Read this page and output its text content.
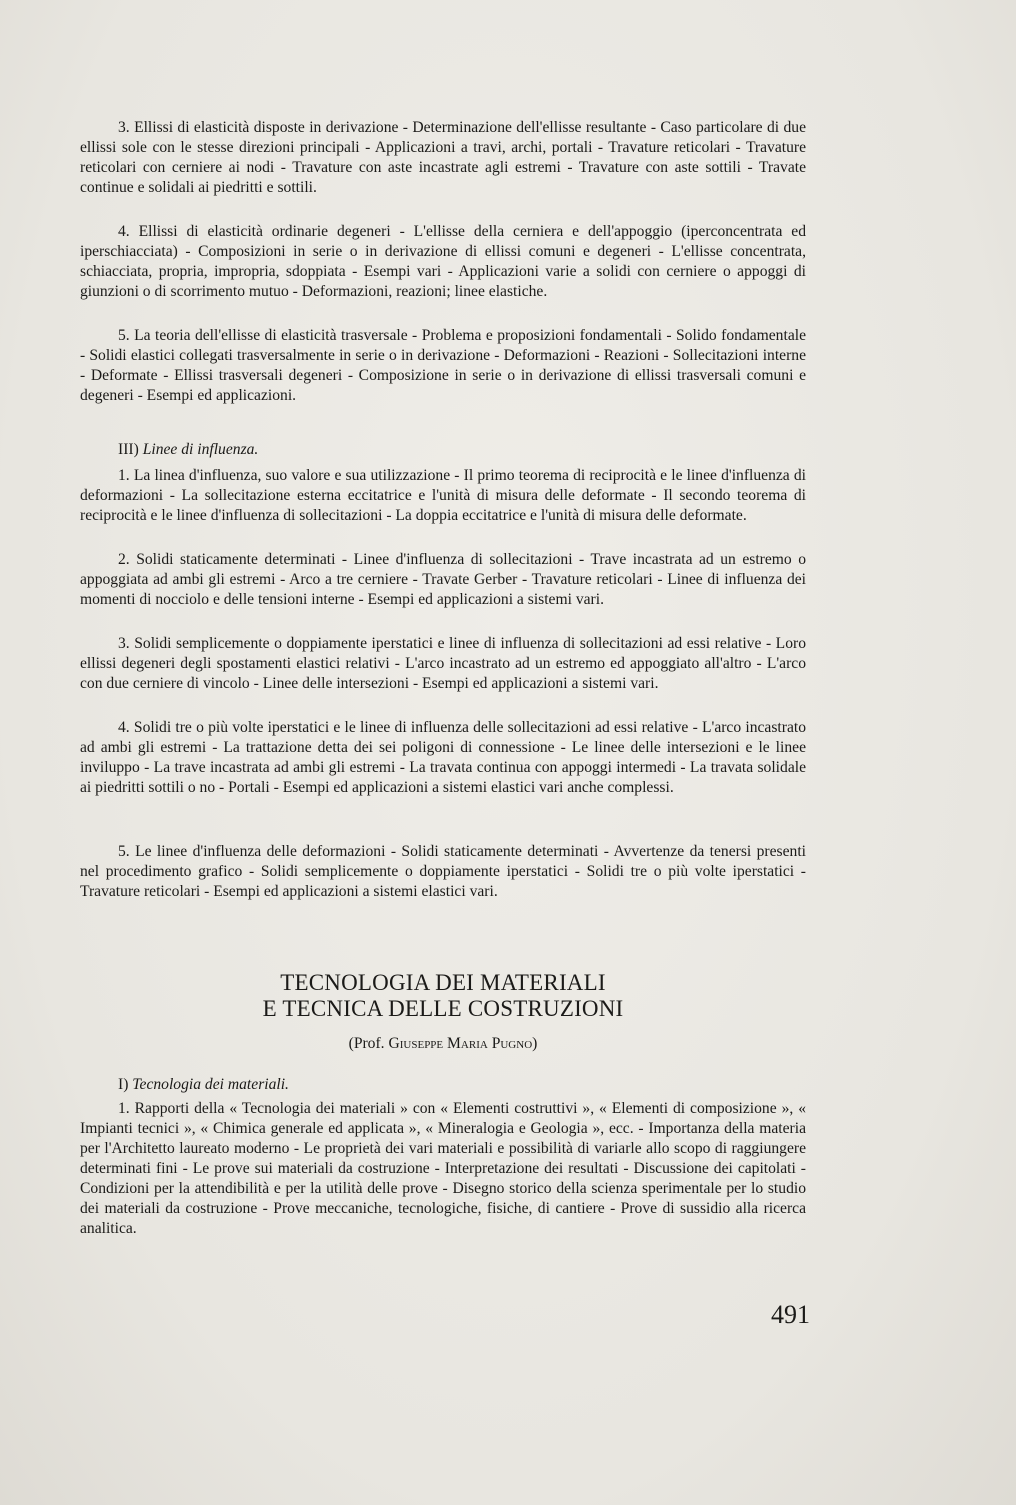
3. Ellissi di elasticità disposte in derivazione - Determinazione dell'ellisse resultante - Caso particolare di due ellissi sole con le stesse direzioni principali - Applicazioni a travi, archi, portali - Travature reticolari - Travature reticolari con cerniere ai nodi - Travature con aste incastrate agli estremi - Travature con aste sottili - Travate continue e solidali ai piedritti e sottili.

4. Ellissi di elasticità ordinarie degeneri - L'ellisse della cerniera e dell'appoggio (iperconcentrata ed iperschiacciata) - Composizioni in serie o in derivazione di ellissi comuni e degeneri - L'ellisse concentrata, schiacciata, propria, impropria, sdoppiata - Esempi vari - Applicazioni varie a solidi con cerniere o appoggi di giunzioni o di scorrimento mutuo - Deformazioni, reazioni; linee elastiche.

5. La teoria dell'ellisse di elasticità trasversale - Problema e proposizioni fondamentali - Solido fondamentale - Solidi elastici collegati trasversalmente in serie o in derivazione - Deformazioni - Reazioni - Sollecitazioni interne - Deformate - Ellissi trasversali degeneri - Composizione in serie o in derivazione di ellissi trasversali comuni e degeneri - Esempi ed applicazioni.

III) Linee di influenza.

1. La linea d'influenza, suo valore e sua utilizzazione - Il primo teorema di reciprocità e le linee d'influenza di deformazioni - La sollecitazione esterna eccitatrice e l'unità di misura delle deformate - Il secondo teorema di reciprocità e le linee d'influenza di sollecitazioni - La doppia eccitatrice e l'unità di misura delle deformate.

2. Solidi staticamente determinati - Linee d'influenza di sollecitazioni - Trave incastrata ad un estremo o appoggiata ad ambi gli estremi - Arco a tre cerniere - Travate Gerber - Travature reticolari - Linee di influenza dei momenti di nocciolo e delle tensioni interne - Esempi ed applicazioni a sistemi vari.

3. Solidi semplicemente o doppiamente iperstatici e linee di influenza di sollecitazioni ad essi relative - Loro ellissi degeneri degli spostamenti elastici relativi - L'arco incastrato ad un estremo ed appoggiato all'altro - L'arco con due cerniere di vincolo - Linee delle intersezioni - Esempi ed applicazioni a sistemi vari.

4. Solidi tre o più volte iperstatici e le linee di influenza delle sollecitazioni ad essi relative - L'arco incastrato ad ambi gli estremi - La trattazione detta dei sei poligoni di connessione - Le linee delle intersezioni e le linee inviluppo - La trave incastrata ad ambi gli estremi - La travata continua con appoggi intermedi - La travata solidale ai piedritti sottili o no - Portali - Esempi ed applicazioni a sistemi elastici vari anche complessi.

5. Le linee d'influenza delle deformazioni - Solidi staticamente determinati - Avvertenze da tenersi presenti nel procedimento grafico - Solidi semplicemente o doppiamente iperstatici - Solidi tre o più volte iperstatici - Travature reticolari - Esempi ed applicazioni a sistemi elastici vari.

TECNOLOGIA DEI MATERIALI
E TECNICA DELLE COSTRUZIONI
(Prof. Giuseppe Maria Pugno)

I) Tecnologia dei materiali.

1. Rapporti della « Tecnologia dei materiali » con « Elementi costruttivi », « Elementi di composizione », « Impianti tecnici », « Chimica generale ed applicata », « Mineralogia e Geologia », ecc. - Importanza della materia per l'Architetto laureato moderno - Le proprietà dei vari materiali e possibilità di variarle allo scopo di raggiungere determinati fini - Le prove sui materiali da costruzione - Interpretazione dei resultati - Discussione dei capitolati - Condizioni per la attendibilità e per la utilità delle prove - Disegno storico della scienza sperimentale per lo studio dei materiali da costruzione - Prove meccaniche, tecnologiche, fisiche, di cantiere - Prove di sussidio alla ricerca analitica.

491
